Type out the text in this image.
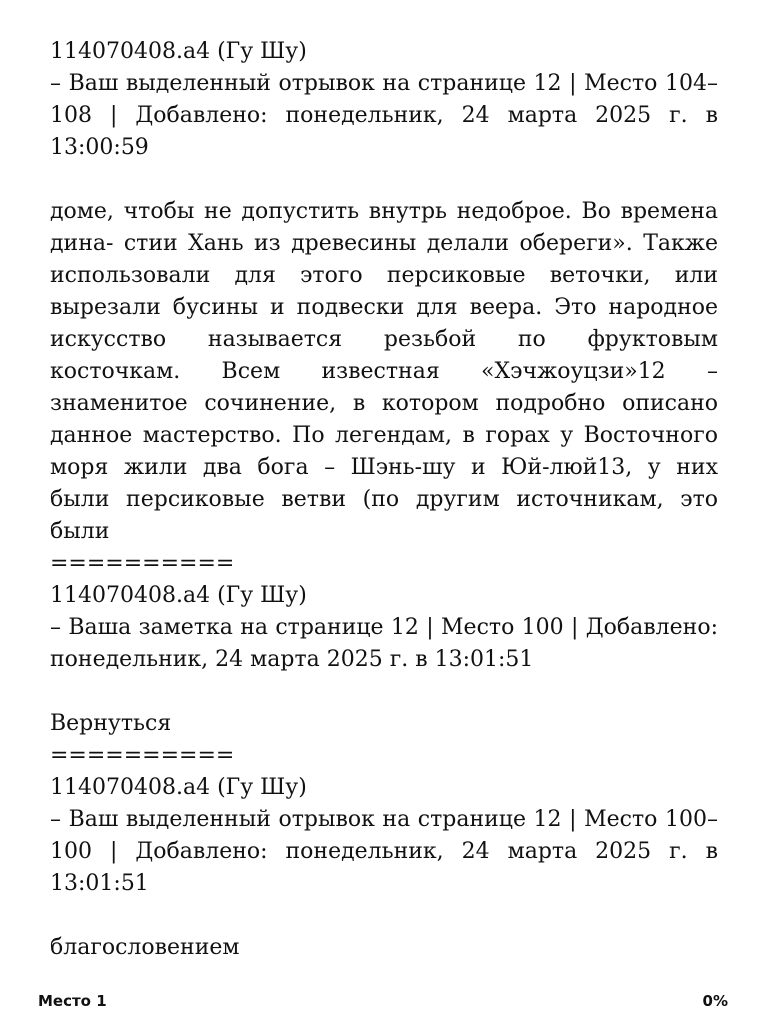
114070408.a4 (Гу Шу)
– Ваш выделенный отрывок на странице 12 | Место 104–
108 | Добавлено: понедельник, 24 марта 2025 г. в
13:00:59
доме, чтобы не допустить внутрь недоброе. Во времена
дина- стии Хань из древесины делали обереги». Также
использовали для этого персиковые веточки, или
вырезали бусины и подвески для веера. Это народное
искусство называется резьбой по фруктовым
косточкам. Всем известная «Хэчжоуцзи»12 –
знаменитое сочинение, в котором подробно описано
данное мастерство. По легендам, в горах у Восточного
моря жили два бога – Шэнь-шу и Юй-люй13, у них
были персиковые ветви (по другим источникам, это
были
==========
114070408.a4 (Гу Шу)
– Ваша заметка на странице 12 | Место 100 | Добавлено:
понедельник, 24 марта 2025 г. в 13:01:51
Вернуться
==========
114070408.a4 (Гу Шу)
– Ваш выделенный отрывок на странице 12 | Место 100–
100 | Добавлено: понедельник, 24 марта 2025 г. в
13:01:51
благословением
Место 1	0%
